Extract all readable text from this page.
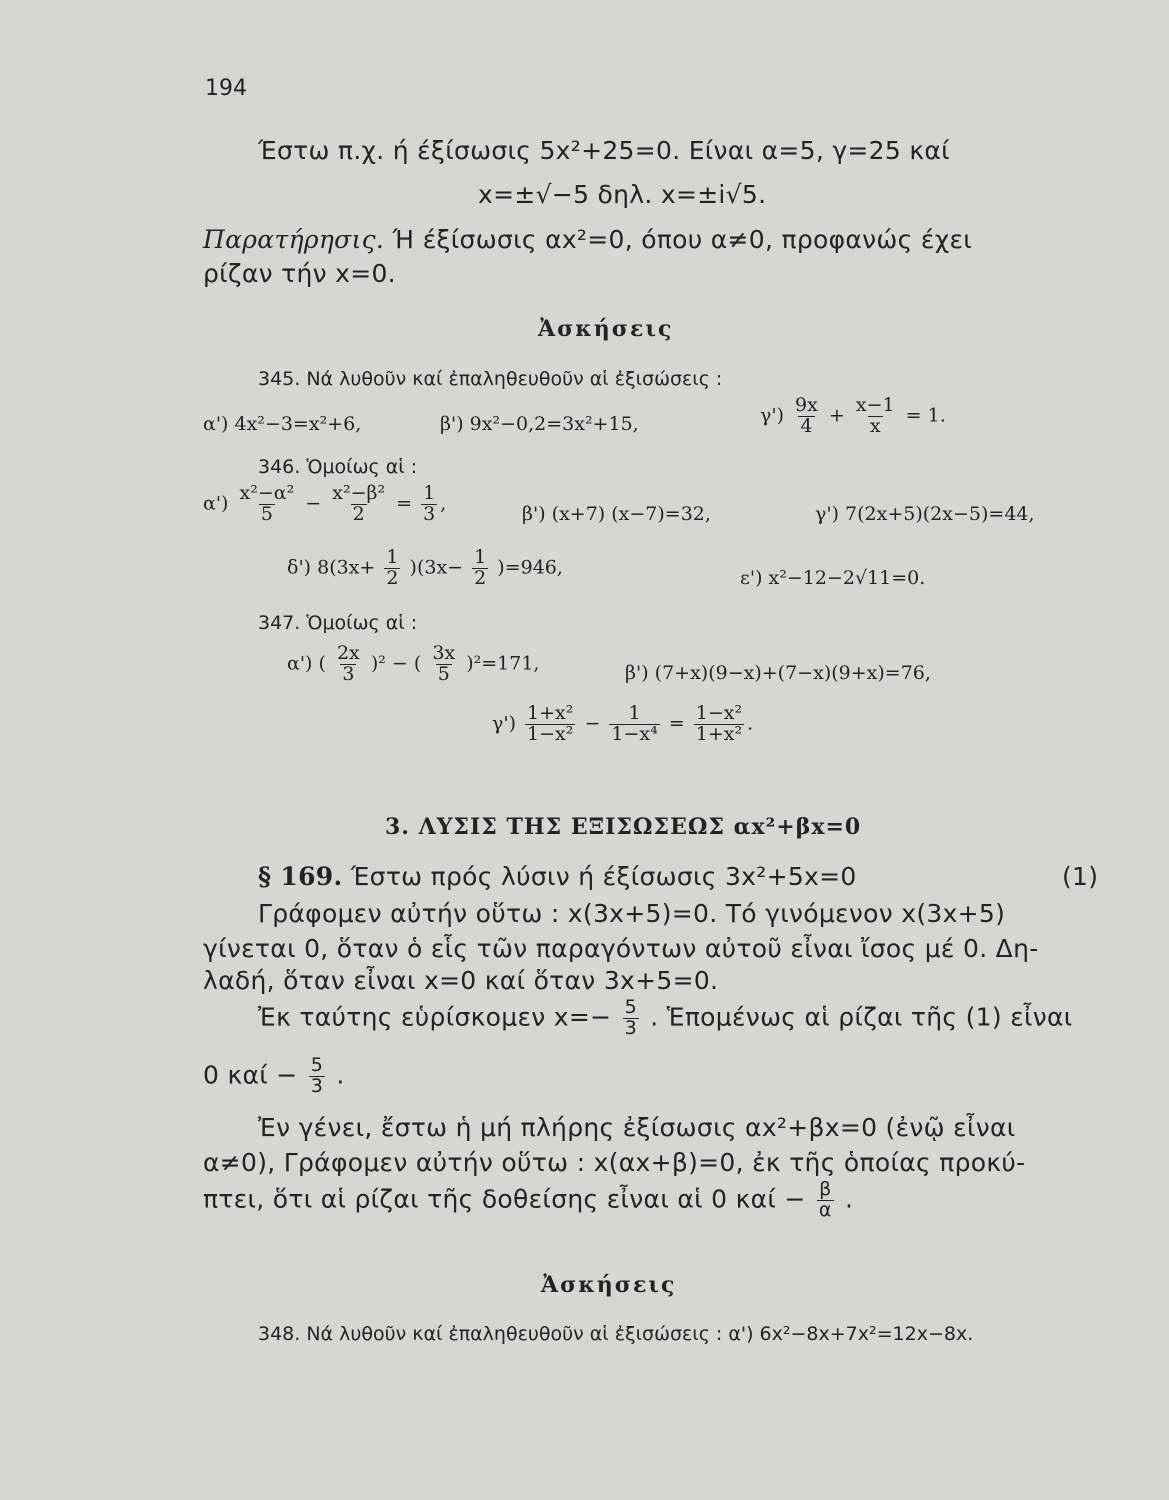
194
Έστω π.χ. ή έξίσωσις 5x²+25=0. Είναι α=5, γ=25 καί
x=±√−5 δηλ. x=±i√5.
Παρατήρησις. Ή έξίσωσις αx²=0, όπου α≠0, προφανώς έχει
ρίζαν τήν x=0.
Ἀσκήσεις
345. Νά λυθοῦν καί ἐπαληθευθοῦν αἱ ἐξισώσεις :
α') 4x²−3=x²+6,	β') 9x²−0,2=3x²+15,	$\gamma') \frac{9x}{4} + \frac{x-1}{x} = 1$.
346. Ὁμοίως αἱ :
$\alpha') \frac{\text{x²−α²}}{5} - \frac{\text{x²−β²}}{2} = \frac{1}{3}$ ,	β') (x+7) (x−7)=32,	γ') 7(2x+5)(2x−5)=44,
δ') $8(3x+ \frac{1}{2} )(3x- \frac{1}{2} )=946$,	ε') x²−12−2√11=0.
347. Ὁμοίως αἱ :
α') ( $\frac{2x}{3} )^2$ − ( $\frac{3x}{5} )^2=171$,	β') (7+x)(9−x)+(7−x)(9+x)=76,
$\gamma') \frac{\text{1+x²}}{\text{1−x²}} - \frac{1}{\text{1−x⁴}} = \frac{\text{1−x²}}{\text{1+x²}}$ .
3. ΛΥΣΙΣ ΤΗΣ ΕΞΙΣΩΣΕΩΣ αx²+βx=0
§ 169. Έστω πρός λύσιν ή έξίσωσις 3x²+5x=0	(1)
Γράφομεν αὐτήν οὕτω : x(3x+5)=0. Τό γινόμενον x(3x+5)
γίνεται 0, ὅταν ὁ εἷς τῶν παραγόντων αὐτοῦ εἶναι ἴσος μέ 0. Δη-
λαδή, ὅταν εἶναι x=0 καί ὅταν 3x+5=0.
Ἐκ ταύτης εὑρίσκομεν $x=- \frac{5}{3}$ . Ἑπομένως αἱ ρίζαι τῆς (1) εἶναι
0 $\kappa\alpha ί - \frac{5}{3}$ .
Ἐν γένει, ἔστω ἡ μή πλήρης ἐξίσωσις αx²+βx=0 (ἐνῷ εἶναι
α≠0), Γράφομεν αὐτήν οὕτω : x(αx+β)=0, ἐκ τῆς ὁποίας προκύ-
πτει, ὅτι αἱ ρίζαι τῆς δοθείσης εἶναι αἱ 0 $\kappa\alpha ί - \frac{\beta}{\alpha}$ .
Ἀσκήσεις
348. Νά λυθοῦν καί ἐπαληθευθοῦν αἱ ἐξισώσεις : α') 6x²−8x+7x²=12x−8x.
